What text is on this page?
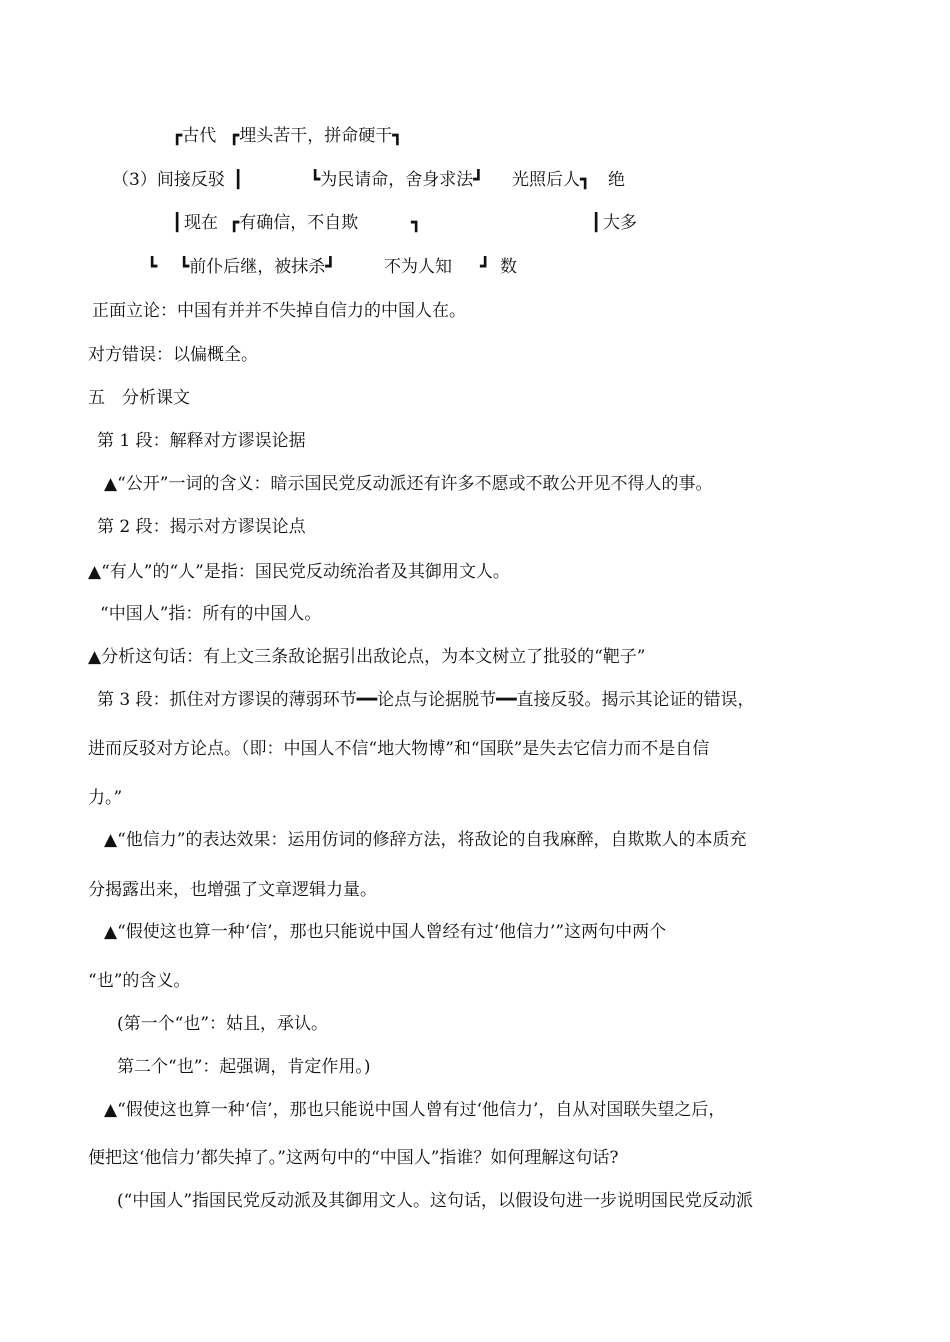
┏古代 ┏埋头苦干，拼命硬干┓
（3）间接反驳 ┃	┗为民请命，舍身求法┛ 光照后人┓ 绝
┃ 现在 ┏有确信，不自欺	┓	┃ 大多
┗ ┗前仆后继，被抹杀┛	不为人知 ┛ 数
正面立论：中国有并并不失掉自信力的中国人在。
对方错误：以偏概全。
五　分析课文
第 1 段：解释对方谬误论据
▲“公开”一词的含义：暗示国民党反动派还有许多不愿或不敢公开见不得人的事。
第 2 段：揭示对方谬误论点
▲“有人”的“人”是指：国民党反动统治者及其御用文人。
“中国人”指：所有的中国人。
▲分析这句话：有上文三条敌论据引出敌论点，为本文树立了批驳的“靶子”
第 3 段：抓住对方谬误的薄弱环节━━论点与论据脱节━━直接反驳。揭示其论证的错误，
进而反驳对方论点。（即：中国人不信“地大物博”和“国联”是失去它信力而不是自信
力。”
▲“他信力”的表达效果：运用仿词的修辞方法，将敌论的自我麻醉，自欺欺人的本质充
分揭露出来，也增强了文章逻辑力量。
▲“假使这也算一种‘信’，那也只能说中国人曾经有过‘他信力’”这两句中两个
“也”的含义。
(第一个“也”：姑且，承认。
第二个“也”：起强调，肯定作用。)
▲“假使这也算一种‘信’，那也只能说中国人曾有过‘他信力’，自从对国联失望之后，
便把这‘他信力’都失掉了。”这两句中的“中国人”指谁？如何理解这句话?
(“中国人”指国民党反动派及其御用文人。这句话，以假设句进一步说明国民党反动派
